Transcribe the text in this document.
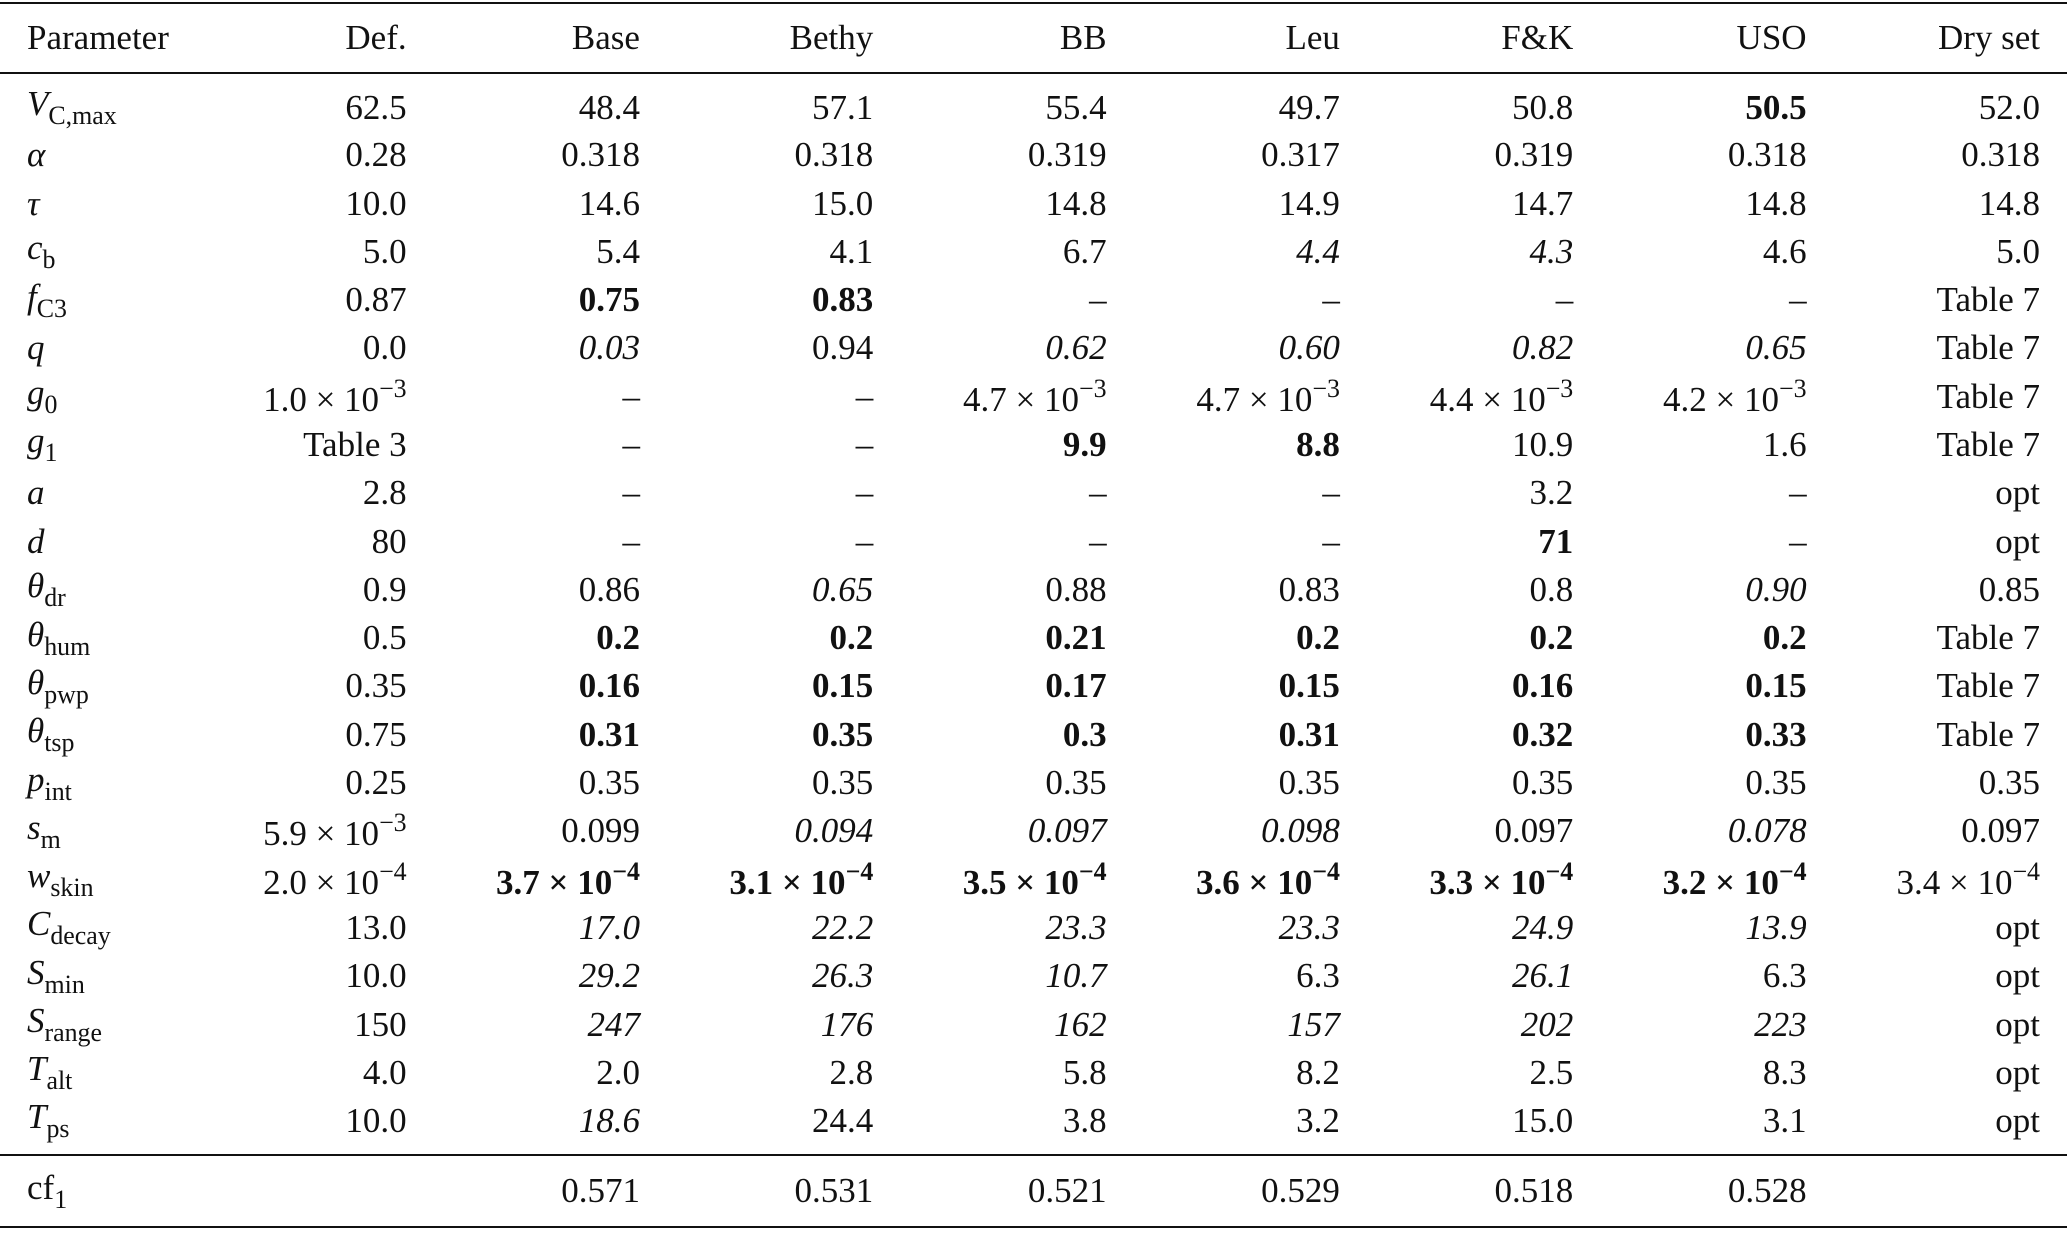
Parameter	Def.	Base	Bethy	BB	Leu	F&K	USO	Dry set
$V_{C,max}$	62.5	48.4	57.1	55.4	49.7	50.8	50.5	52.0
α	0.28	0.318	0.318	0.319	0.317	0.319	0.318	0.318
τ	10.0	14.6	15.0	14.8	14.9	14.7	14.8	14.8
$c_b$	5.0	5.4	4.1	6.7	4.4	4.3	4.6	5.0
$f_{C3}$	0.87	0.75	0.83	–	–	–	–	Table 7
q	0.0	0.03	0.94	0.62	0.60	0.82	0.65	Table 7
$g_0$	$1.0 \times 10^{-3}$	–	–	$4.7 \times 10^{-3}$	$4.7 \times 10^{-3}$	$4.4 \times 10^{-3}$	$4.2 \times 10^{-3}$	Table 7
$g_1$	Table 3	–	–	9.9	8.8	10.9	1.6	Table 7
a	2.8	–	–	–	–	3.2	–	opt
d	80	–	–	–	–	71	–	opt
$\theta_{dr}$	0.9	0.86	0.65	0.88	0.83	0.8	0.90	0.85
$\theta_{hum}$	0.5	0.2	0.2	0.21	0.2	0.2	0.2	Table 7
$\theta_{pwp}$	0.35	0.16	0.15	0.17	0.15	0.16	0.15	Table 7
$\theta_{tsp}$	0.75	0.31	0.35	0.3	0.31	0.32	0.33	Table 7
$p_{int}$	0.25	0.35	0.35	0.35	0.35	0.35	0.35	0.35
$s_m$	$5.9 \times 10^{-3}$	0.099	0.094	0.097	0.098	0.097	0.078	0.097
$w_{skin}$	$2.0 \times 10^{-4}$	$3.7 \times 10^{-4}$	$3.1 \times 10^{-4}$	$3.5 \times 10^{-4}$	$3.6 \times 10^{-4}$	$3.3 \times 10^{-4}$	$3.2 \times 10^{-4}$	$3.4 \times 10^{-4}$
$C_{decay}$	13.0	17.0	22.2	23.3	23.3	24.9	13.9	opt
$S_{min}$	10.0	29.2	26.3	10.7	6.3	26.1	6.3	opt
$S_{range}$	150	247	176	162	157	202	223	opt
$T_{alt}$	4.0	2.0	2.8	5.8	8.2	2.5	8.3	opt
$T_{ps}$	10.0	18.6	24.4	3.8	3.2	15.0	3.1	opt
$cf_1$		0.571	0.531	0.521	0.529	0.518	0.528	
